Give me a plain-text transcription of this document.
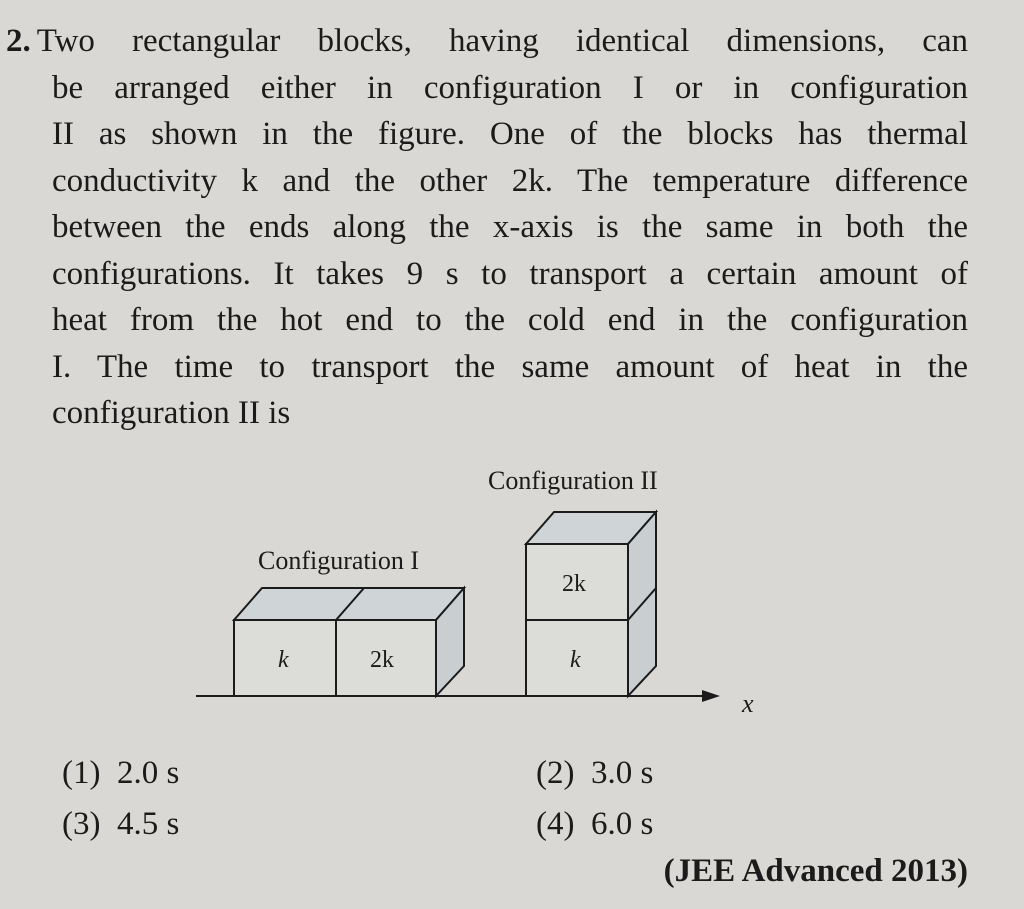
2. Two rectangular blocks, having identical dimensions, can
be arranged either in configuration I or in configuration
II as shown in the figure. One of the blocks has thermal
conductivity k and the other 2k. The temperature difference
between the ends along the x-axis is the same in both the
configurations. It takes 9 s to transport a certain amount of
heat from the hot end to the cold end in the configuration
I. The time to transport the same amount of heat in the
configuration II is
Configuration I
k	2k
Configuration II
2k
k
x
(1) 2.0 s	(2) 3.0 s
(3) 4.5 s	(4) 6.0 s
(JEE Advanced 2013)
